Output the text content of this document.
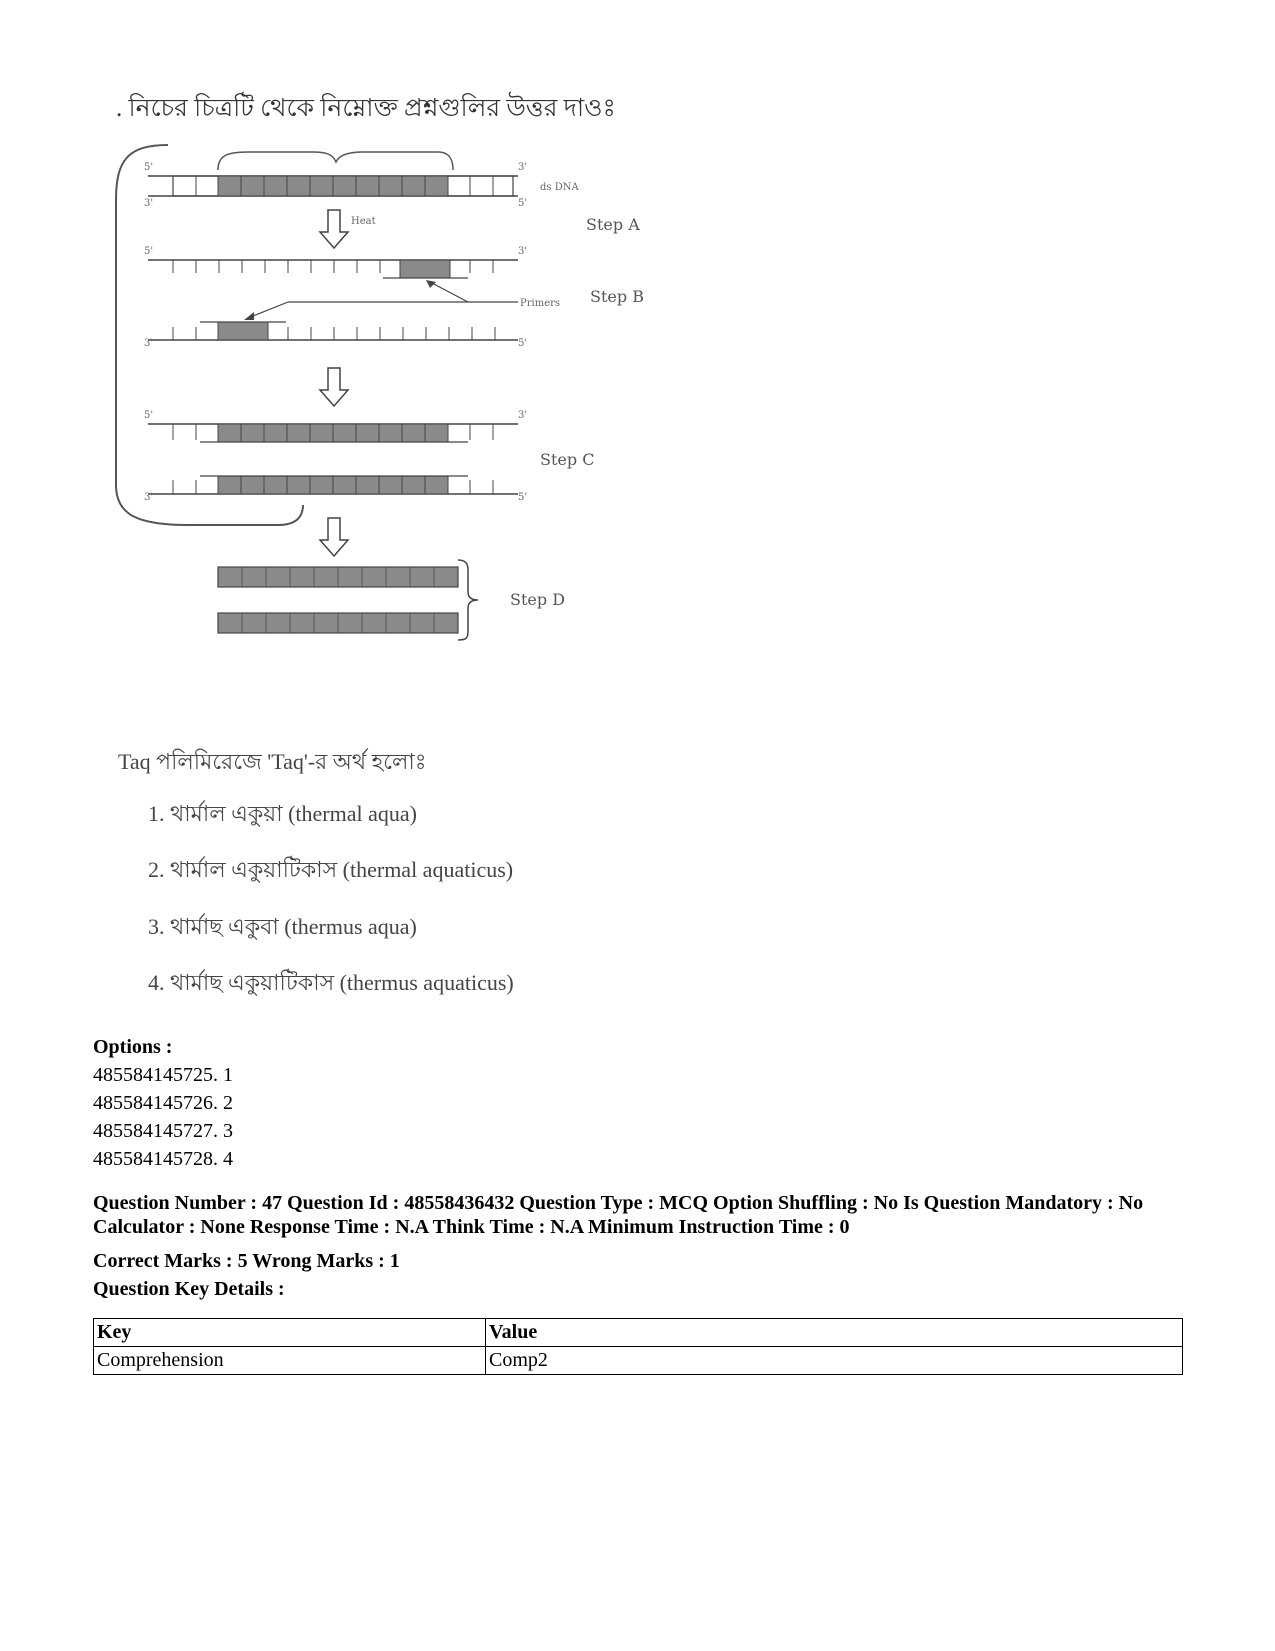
. নিচের চিত্রটি থেকে নিম্নোক্ত প্রশ্নগুলির উত্তর দাওঃ
5'
3'
3'
5'
ds DNA
Heat	Step A
5'	3'
3'	5'
Primers Step B
5'	3'
3'	5'
Step C
Step D
Taq পলিমিরেজে 'Taq'-র অর্থ হলোঃ
1. থার্মাল একুয়া (thermal aqua)
2. থার্মাল একুয়াটিকাস (thermal aquaticus)
3. থার্মাছ একুবা (thermus aqua)
4. থার্মাছ একুয়াটিকাস (thermus aquaticus)
Options :
485584145725. 1
485584145726. 2
485584145727. 3
485584145728. 4
Question Number : 47 Question Id : 48558436432 Question Type : MCQ Option Shuffling : No Is Question Mandatory : No Calculator : None Response Time : N.A Think Time : N.A Minimum Instruction Time : 0
Correct Marks : 5 Wrong Marks : 1
Question Key Details :
Key	Value
Comprehension	Comp2
